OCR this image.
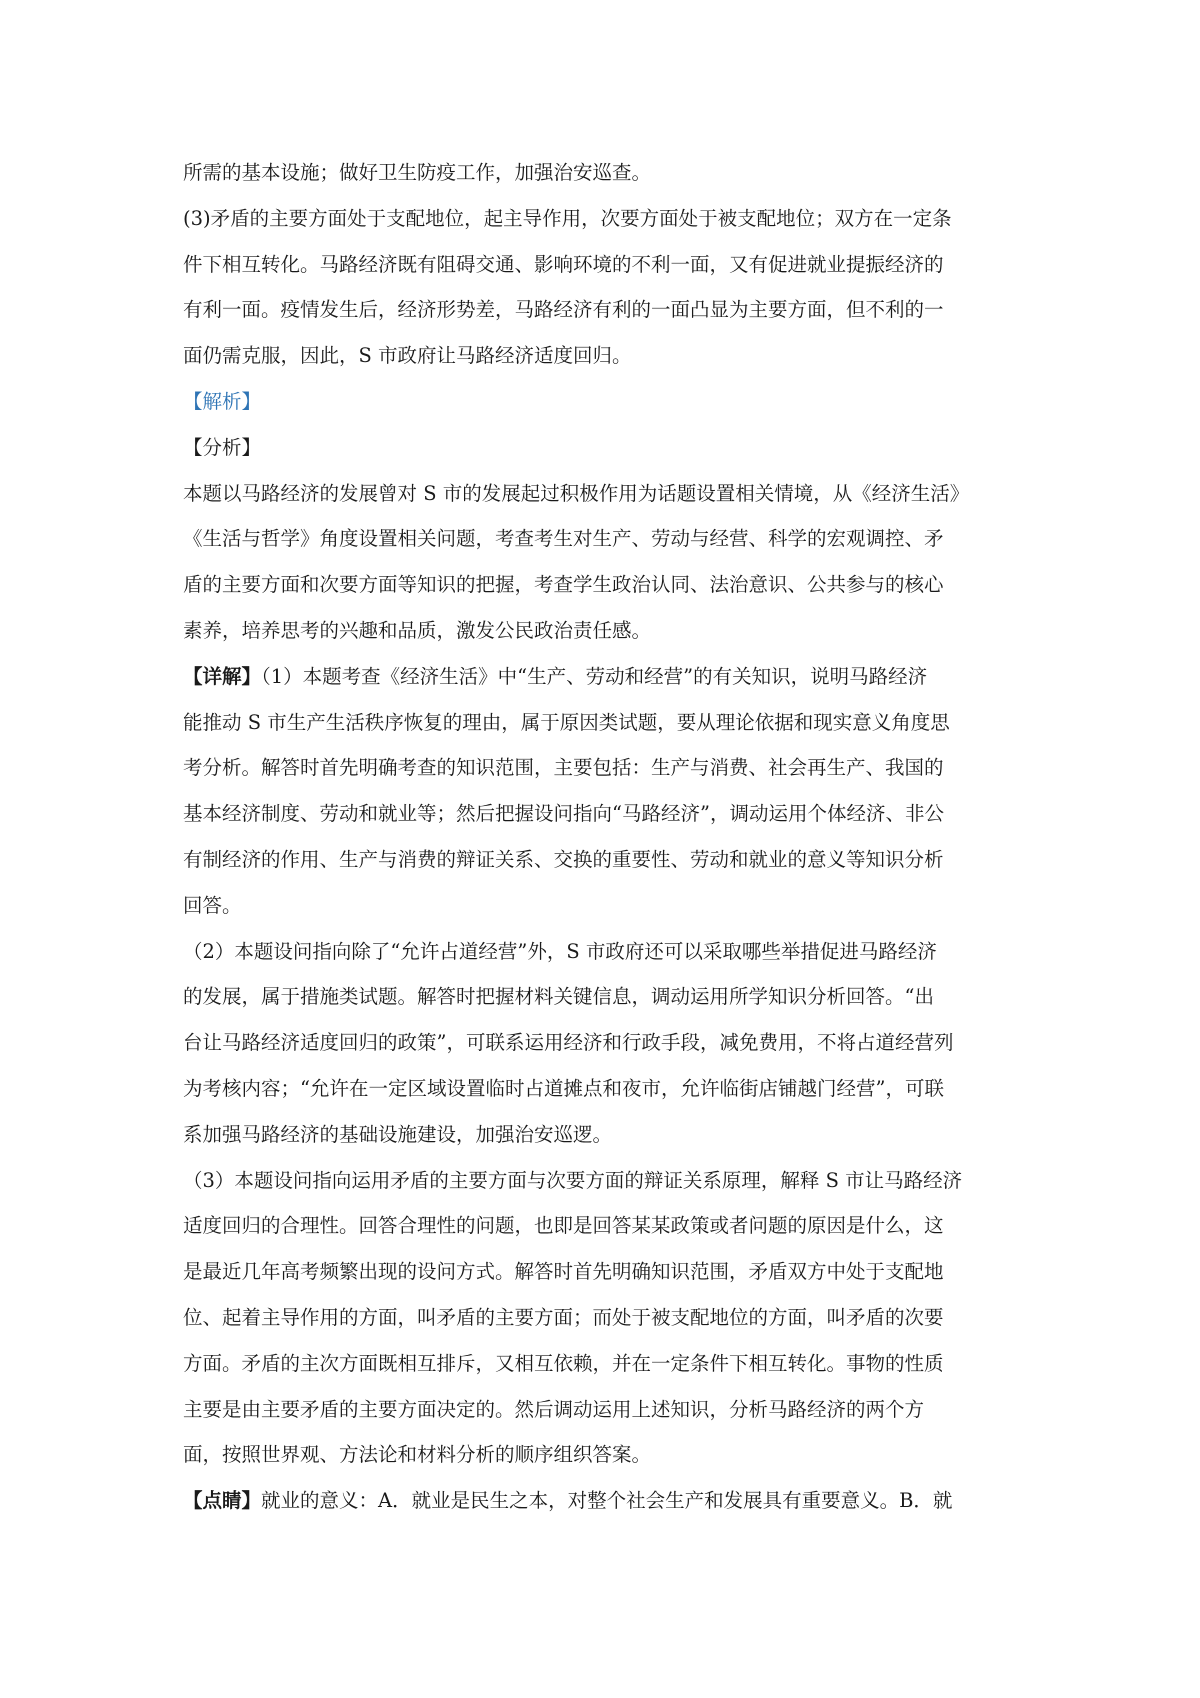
所需的基本设施；做好卫生防疫工作，加强治安巡查。
(3)矛盾的主要方面处于支配地位，起主导作用，次要方面处于被支配地位；双方在一定条
件下相互转化。马路经济既有阻碍交通、影响环境的不利一面，又有促进就业提振经济的
有利一面。疫情发生后，经济形势差，马路经济有利的一面凸显为主要方面，但不利的一
面仍需克服，因此，S 市政府让马路经济适度回归。
【解析】
【分析】
本题以马路经济的发展曾对 S 市的发展起过积极作用为话题设置相关情境，从《经济生活》
《生活与哲学》角度设置相关问题，考查考生对生产、劳动与经营、科学的宏观调控、矛
盾的主要方面和次要方面等知识的把握，考查学生政治认同、法治意识、公共参与的核心
素养，培养思考的兴趣和品质，激发公民政治责任感。
【详解】（1）本题考查《经济生活》中“生产、劳动和经营”的有关知识，说明马路经济
能推动 S 市生产生活秩序恢复的理由，属于原因类试题，要从理论依据和现实意义角度思
考分析。解答时首先明确考查的知识范围，主要包括：生产与消费、社会再生产、我国的
基本经济制度、劳动和就业等；然后把握设问指向“马路经济”，调动运用个体经济、非公
有制经济的作用、生产与消费的辩证关系、交换的重要性、劳动和就业的意义等知识分析
回答。
（2）本题设问指向除了“允许占道经营”外，S 市政府还可以采取哪些举措促进马路经济
的发展，属于措施类试题。解答时把握材料关键信息，调动运用所学知识分析回答。“出
台让马路经济适度回归的政策”，可联系运用经济和行政手段，减免费用，不将占道经营列
为考核内容；“允许在一定区域设置临时占道摊点和夜市，允许临街店铺越门经营”，可联
系加强马路经济的基础设施建设，加强治安巡逻。
（3）本题设问指向运用矛盾的主要方面与次要方面的辩证关系原理，解释 S 市让马路经济
适度回归的合理性。回答合理性的问题，也即是回答某某政策或者问题的原因是什么，这
是最近几年高考频繁出现的设问方式。解答时首先明确知识范围，矛盾双方中处于支配地
位、起着主导作用的方面，叫矛盾的主要方面；而处于被支配地位的方面，叫矛盾的次要
方面。矛盾的主次方面既相互排斥，又相互依赖，并在一定条件下相互转化。事物的性质
主要是由主要矛盾的主要方面决定的。然后调动运用上述知识，分析马路经济的两个方
面，按照世界观、方法论和材料分析的顺序组织答案。
【点睛】就业的意义：A．就业是民生之本，对整个社会生产和发展具有重要意义。B．就
